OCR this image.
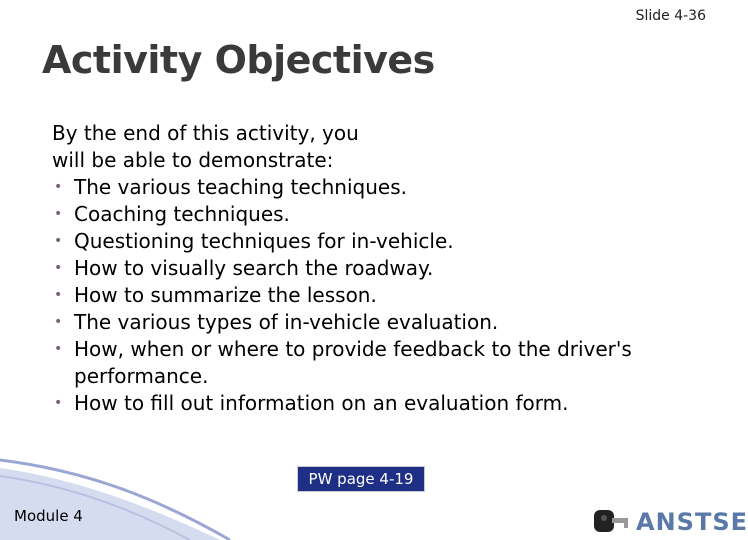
Slide 4-36
Activity Objectives
By the end of this activity, you
will be able to demonstrate:
• The various teaching techniques.
• Coaching techniques.
• Questioning techniques for in-vehicle.
• How to visually search the roadway.
• How to summarize the lesson.
• The various types of in-vehicle evaluation.
• How, when or where to provide feedback to the driver's performance.
• How to fill out information on an evaluation form.
Module 4
PW page 4-19
ANSTSE
